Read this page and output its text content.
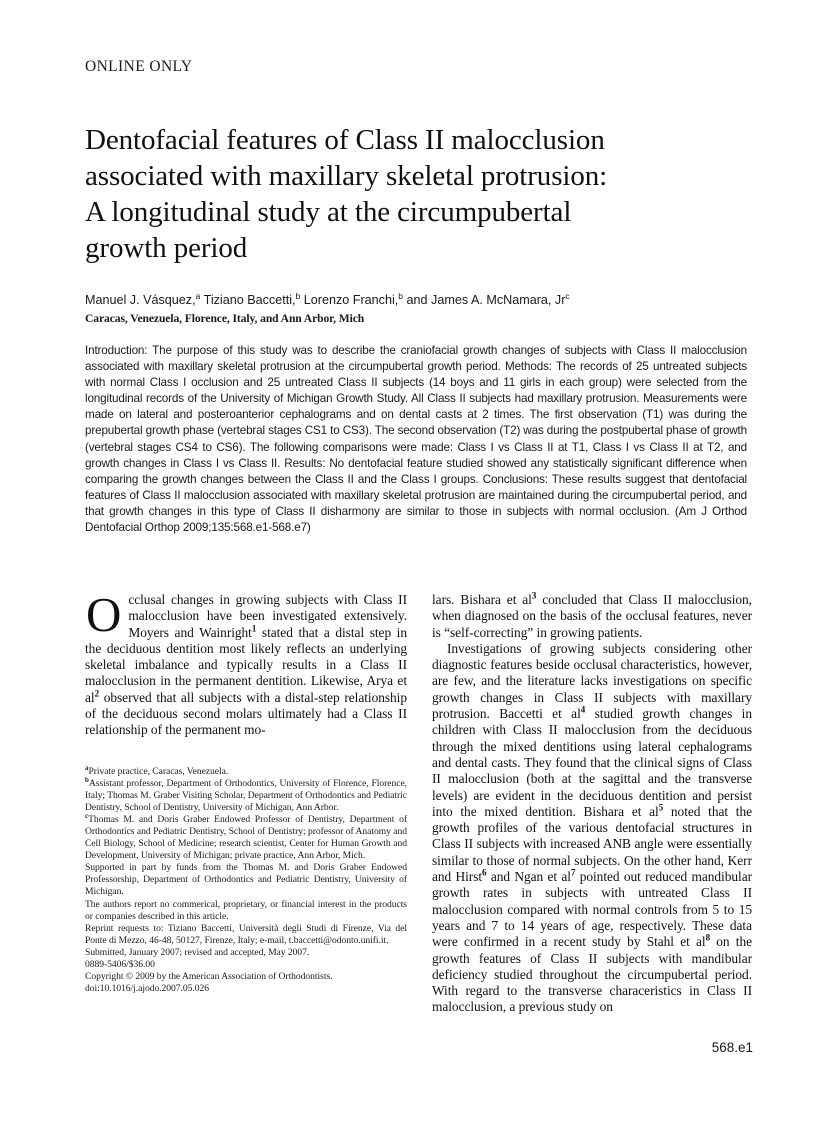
ONLINE ONLY
Dentofacial features of Class II malocclusion
associated with maxillary skeletal protrusion:
A longitudinal study at the circumpubertal
growth period
Manuel J. Vásquez,$^a$ Tiziano Baccetti,$^b$ Lorenzo Franchi,$^b$ and James A. McNamara, Jr$^c$
Caracas, Venezuela, Florence, Italy, and Ann Arbor, Mich
Introduction: The purpose of this study was to describe the craniofacial growth changes of subjects with Class II malocclusion associated with maxillary skeletal protrusion at the circumpubertal growth period. Methods: The records of 25 untreated subjects with normal Class I occlusion and 25 untreated Class II subjects (14 boys and 11 girls in each group) were selected from the longitudinal records of the University of Michigan Growth Study. All Class II subjects had maxillary protrusion. Measurements were made on lateral and posteroanterior cephalograms and on dental casts at 2 times. The first observation (T1) was during the prepubertal growth phase (vertebral stages CS1 to CS3). The second observation (T2) was during the postpubertal phase of growth (vertebral stages CS4 to CS6). The following comparisons were made: Class I vs Class II at T1, Class I vs Class II at T2, and growth changes in Class I vs Class II. Results: No dentofacial feature studied showed any statistically significant difference when comparing the growth changes between the Class II and the Class I groups. Conclusions: These results suggest that dentofacial features of Class II malocclusion associated with maxillary skeletal protrusion are maintained during the circumpubertal period, and that growth changes in this type of Class II disharmony are similar to those in subjects with normal occlusion. (Am J Orthod Dentofacial Orthop 2009;135:568.e1-568.e7)
Occlusal changes in growing subjects with Class II malocclusion have been investigated extensively. Moyers and Wainright$^1$ stated that a distal step in the deciduous dentition most likely reflects an underlying skeletal imbalance and typically results in a Class II malocclusion in the permanent dentition. Likewise, Arya et $al^2$ observed that all subjects with a distal-step relationship of the deciduous second molars ultimately had a Class II relationship of the permanent mo-

lars. Bishara et $al^3$ concluded that Class II malocclusion, when diagnosed on the basis of the occlusal features, never is “self-correcting” in growing patients.

Investigations of growing subjects considering other diagnostic features beside occlusal characteristics, however, are few, and the literature lacks investigations on specific growth changes in Class II subjects with maxillary protrusion. Baccetti et $al^4$ studied growth changes in children with Class II malocclusion from the deciduous through the mixed dentitions using lateral cephalograms and dental casts. They found that the clinical signs of Class II malocclusion (both at the sagittal and the transverse levels) are evident in the deciduous dentition and persist into the mixed dentition. Bishara et $al^5$ noted that the growth profiles of the various dentofacial structures in Class II subjects with increased ANB angle were essentially similar to those of normal subjects. On the other hand, Kerr and Hirst$^6$ and Ngan et $al^7$ pointed out reduced mandibular growth rates in subjects with untreated Class II malocclusion compared with normal controls from 5 to 15 years and 7 to 14 years of age, respectively. These data were confirmed in a recent study by Stahl et $al^8$ on the growth features of Class II subjects with mandibular deficiency studied throughout the circumpubertal period. With regard to the transverse characeristics in Class II malocclusion, a previous study on

$^a$Private practice, Caracas, Venezuela.
$^b$Assistant professor, Department of Orthodontics, University of Florence, Florence, Italy; Thomas M. Graber Visiting Scholar, Department of Orthodontics and Pediatric Dentistry, School of Dentistry, University of Michigan, Ann Arbor.
$^c$Thomas M. and Doris Graber Endowed Professor of Dentistry, Department of Orthodontics and Pediatric Dentistry, School of Dentistry; professor of Anatomy and Cell Biology, School of Medicine; research scientist, Center for Human Growth and Development, University of Michigan; private practice, Ann Arbor, Mich.
Supported in part by funds from the Thomas M. and Doris Graber Endowed Professorship, Department of Orthodontics and Pediatric Dentistry, University of Michigan.
The authors report no commerical, proprietary, or financial interest in the products or companies described in this article.
Reprint requests to: Tiziano Baccetti, Università degli Studi di Firenze, Via del Ponte di Mezzo, 46-48, 50127, Firenze, Italy; e-mail, t.baccetti@odonto.unifi.it.
Submitted, January 2007; revised and accepted, May 2007.
0889-5406/$36.00
Copyright © 2009 by the American Association of Orthodontists.
doi:10.1016/j.ajodo.2007.05.026
568.e1
